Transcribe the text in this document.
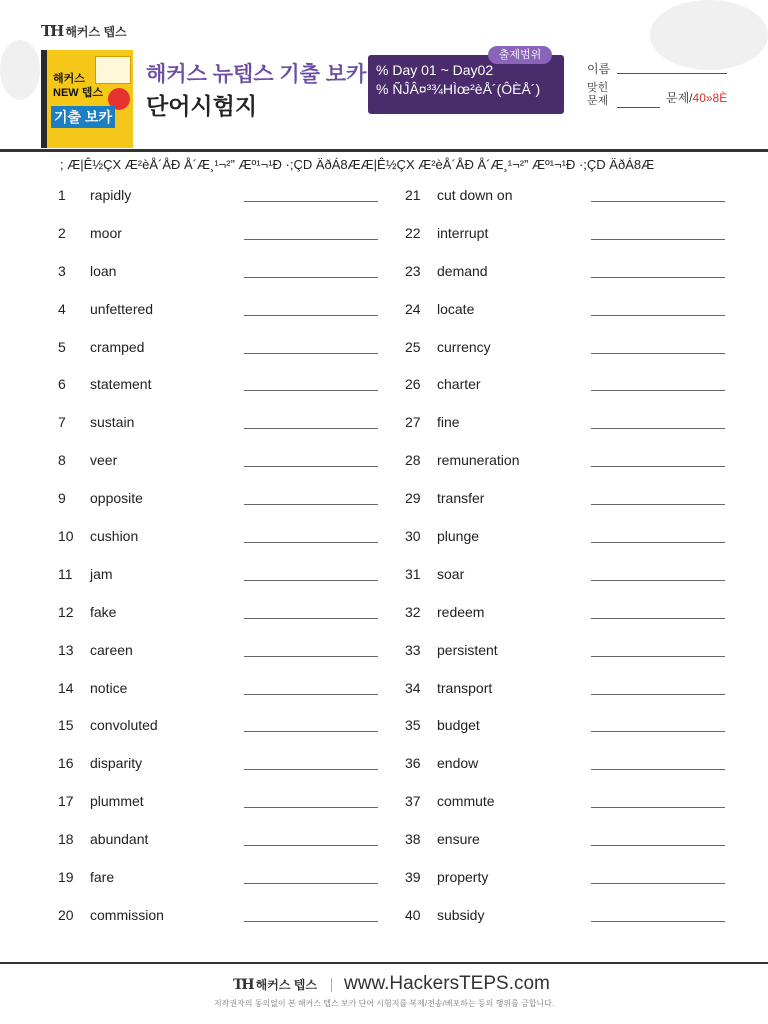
TH 해커스 텝스
해커스 NEW 텝스
기출 보카
해커스 뉴텝스 기출 보카
단어시험지
% Day 01 ~ Day02
% ÑĴÂ¤³¾HÌœ²èÅ´(ÔÈÅ´)
출제범위
이름
맞힌 문제	문제/40»8È
; Æ|Ê½ÇX Æ²èÅ´ÅÐ Å´Æ¸¹¬²” Æº¹¬¹Ð ·;ÇD ÄðÁ8ÆÆ|Ê½ÇX Æ²èÅ´ÅÐ Å´Æ¸¹¬²” Æº¹¬¹Ð ·;ÇD ÄðÁ8Æ
1	rapidly
2	moor
3	loan
4	unfettered
5	cramped
6	statement
7	sustain
8	veer
9	opposite
10	cushion
11	jam
12	fake
13	careen
14	notice
15	convoluted
16	disparity
17	plummet
18	abundant
19	fare
20	commission
21	cut down on
22	interrupt
23	demand
24	locate
25	currency
26	charter
27	fine
28	remuneration
29	transfer
30	plunge
31	soar
32	redeem
33	persistent
34	transport
35	budget
36	endow
37	commute
38	ensure
39	property
40	subsidy
TH 해커스 텝스 www.HackersTEPS.com
저작권자의 동의없이 본 해커스 텝스 보카 단어 시험지를 복제/전송/배포하는 등의 행위를 금합니다.
